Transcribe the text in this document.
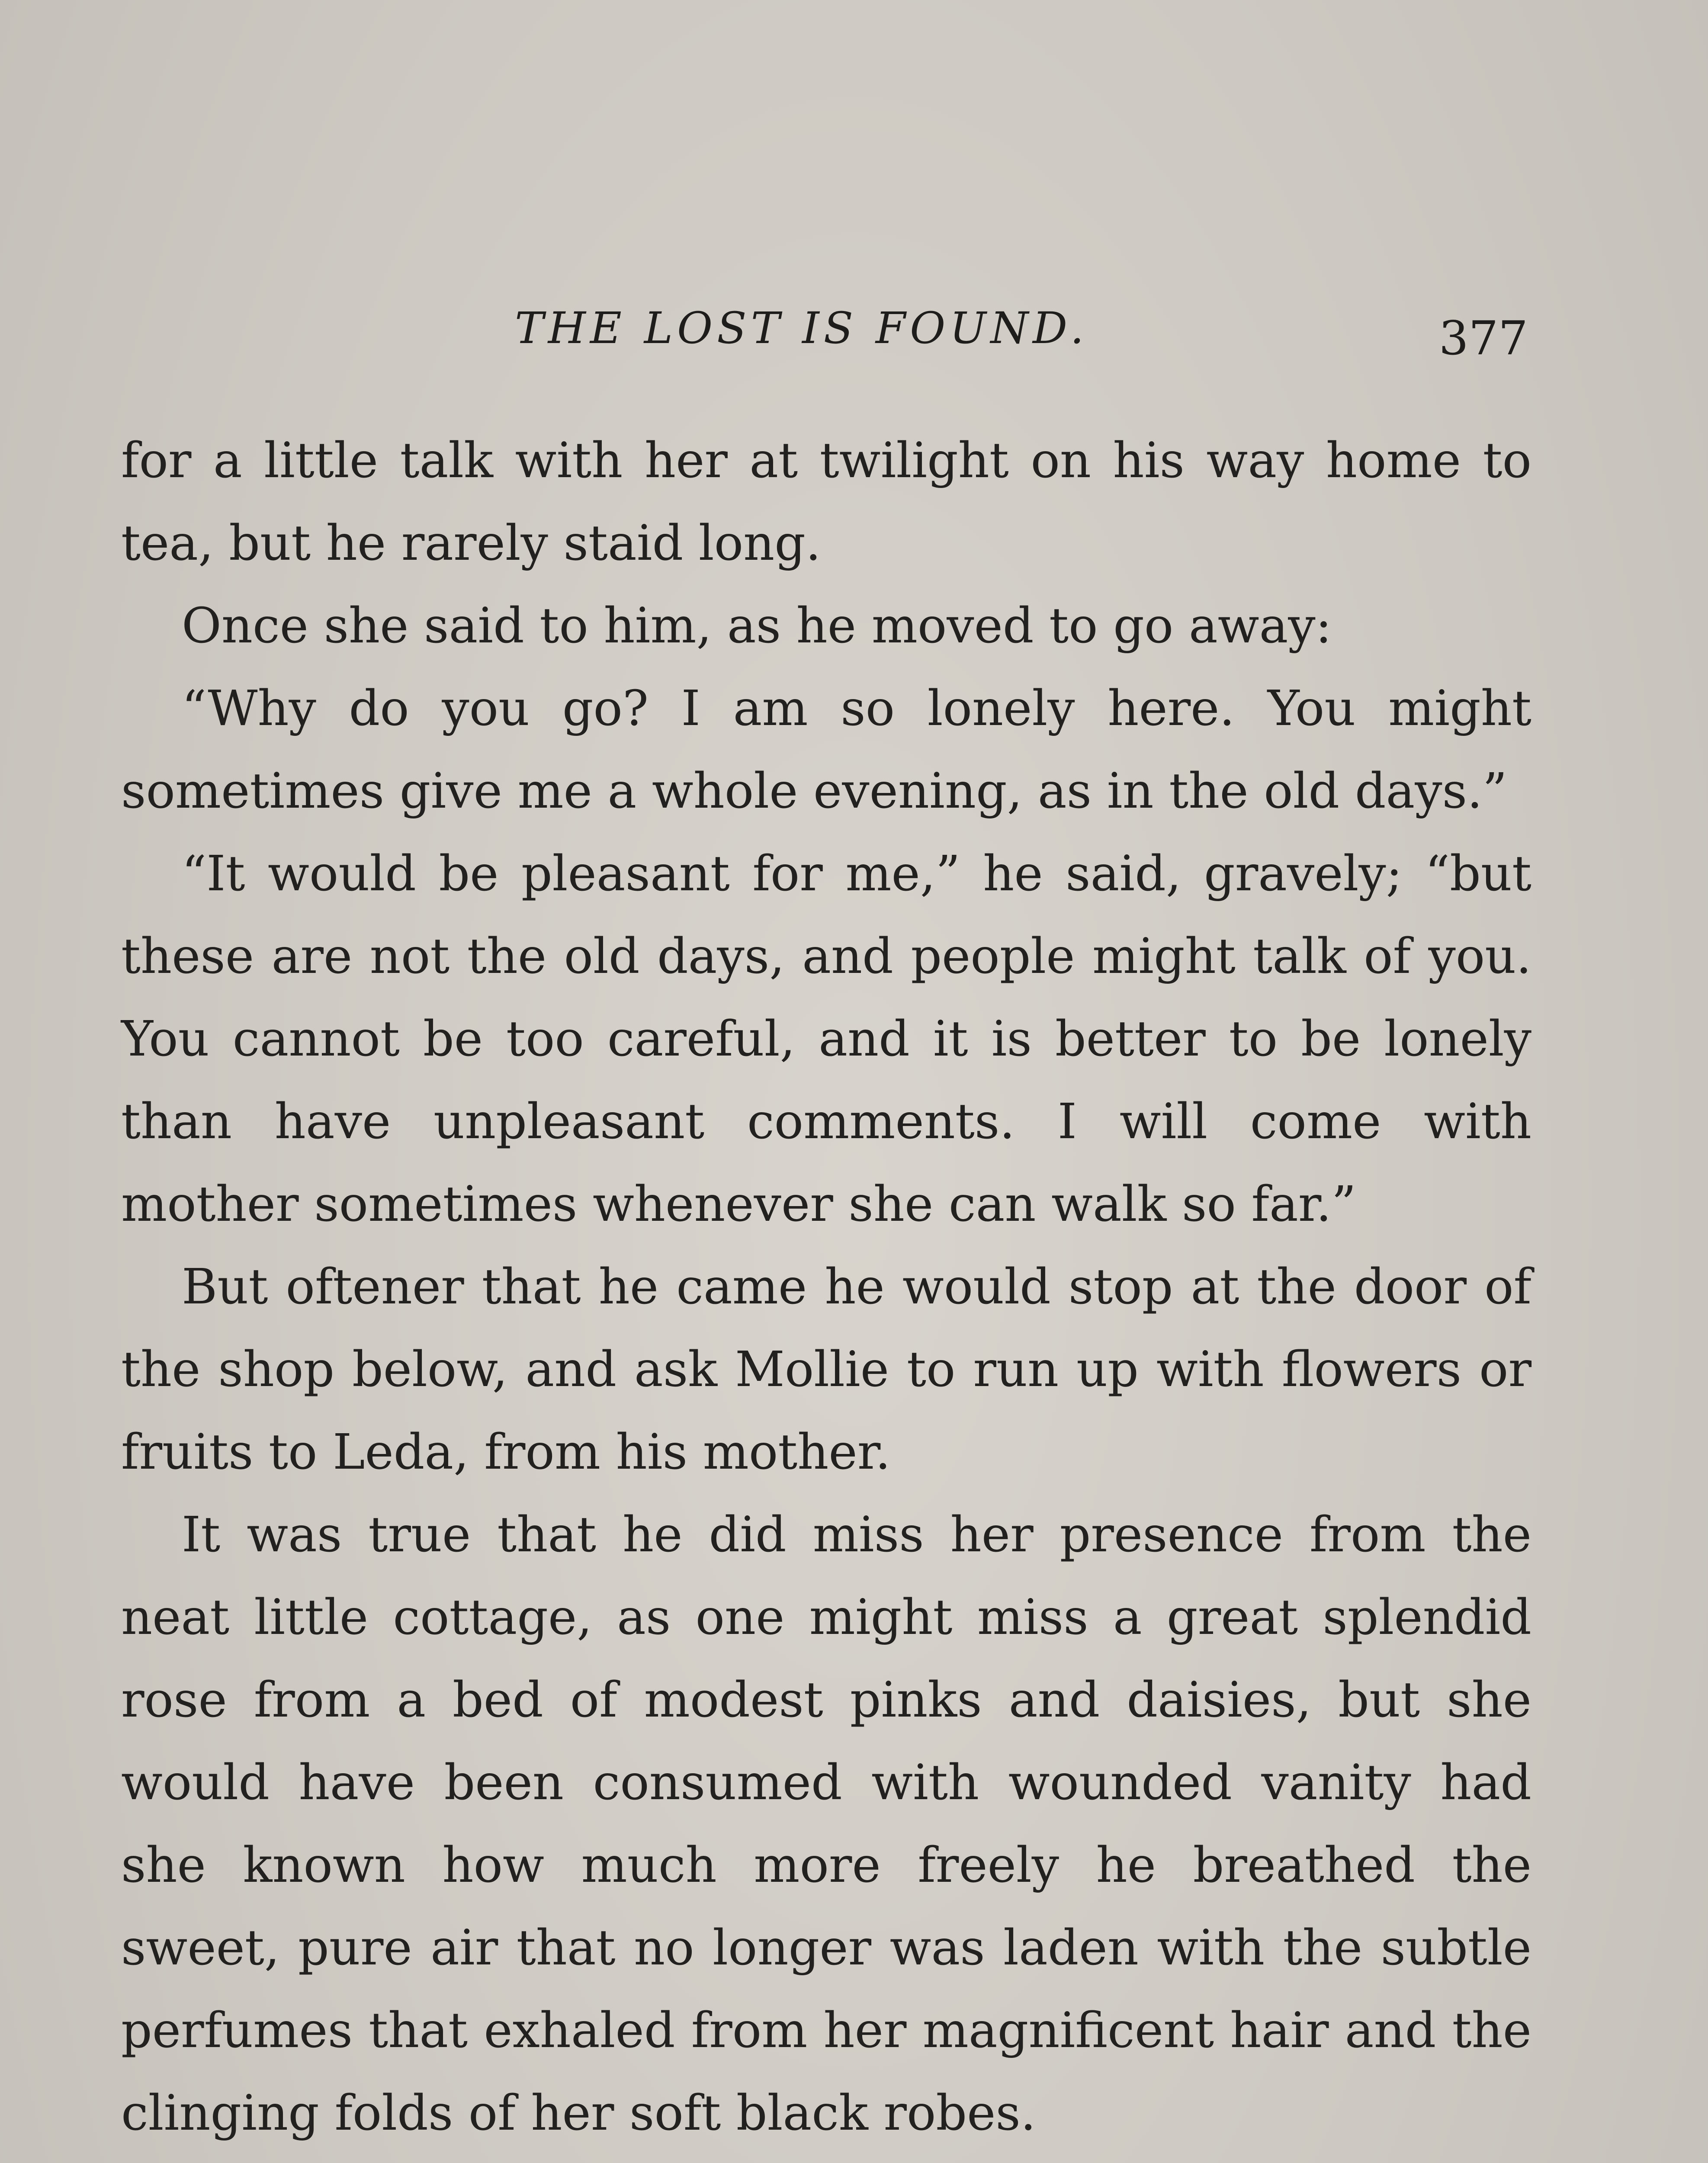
THE LOST IS FOUND.	377

for a little talk with her at twilight on his way home to tea, but he rarely staid long.

Once she said to him, as he moved to go away:

“Why do you go? I am so lonely here. You might sometimes give me a whole evening, as in the old days.”

“It would be pleasant for me,” he said, gravely; “but these are not the old days, and people might talk of you. You cannot be too careful, and it is better to be lonely than have unpleasant comments. I will come with mother sometimes whenever she can walk so far.”

But oftener that he came he would stop at the door of the shop below, and ask Mollie to run up with flowers or fruits to Leda, from his mother.

It was true that he did miss her presence from the neat little cottage, as one might miss a great splendid rose from a bed of modest pinks and daisies, but she would have been consumed with wounded vanity had she known how much more freely he breathed the sweet, pure air that no longer was laden with the subtle perfumes that exhaled from her magnificent hair and the clinging folds of her soft black robes.
